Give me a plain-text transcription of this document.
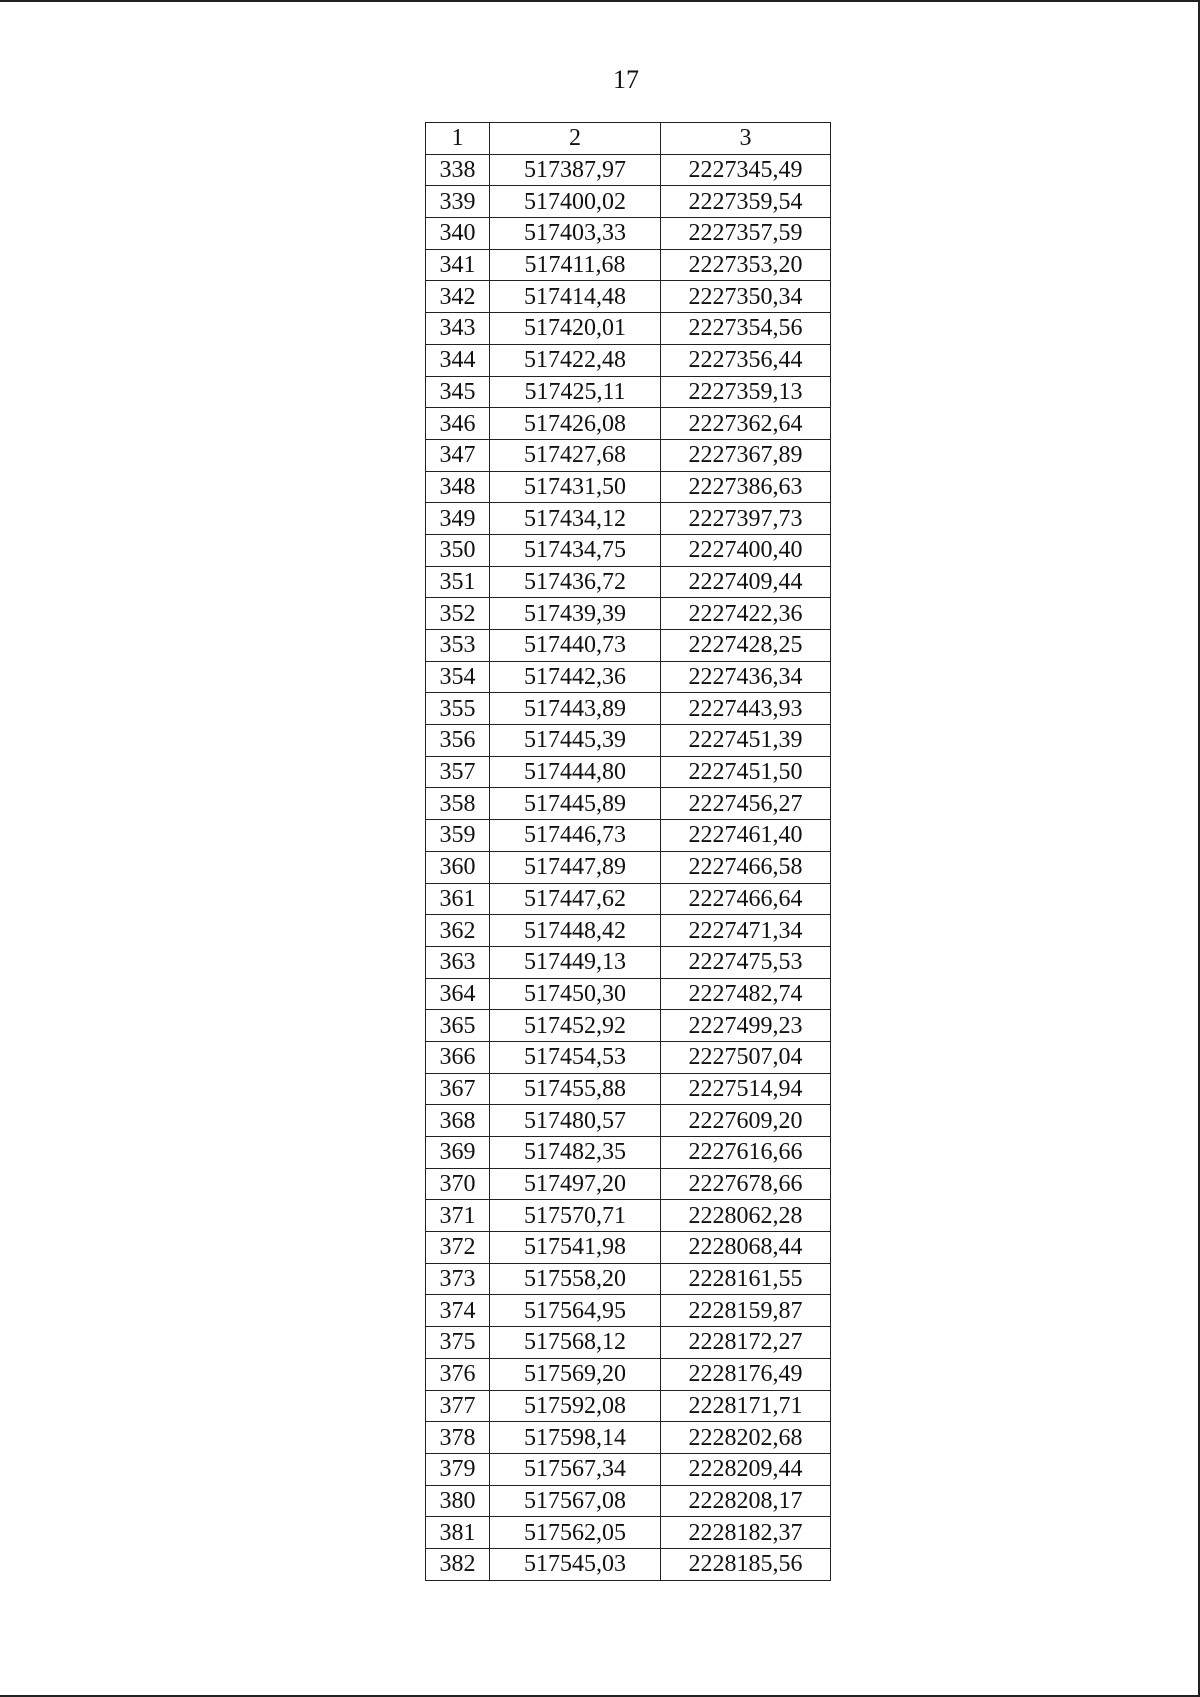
17
1	2	3
338	517387,97	2227345,49
339	517400,02	2227359,54
340	517403,33	2227357,59
341	517411,68	2227353,20
342	517414,48	2227350,34
343	517420,01	2227354,56
344	517422,48	2227356,44
345	517425,11	2227359,13
346	517426,08	2227362,64
347	517427,68	2227367,89
348	517431,50	2227386,63
349	517434,12	2227397,73
350	517434,75	2227400,40
351	517436,72	2227409,44
352	517439,39	2227422,36
353	517440,73	2227428,25
354	517442,36	2227436,34
355	517443,89	2227443,93
356	517445,39	2227451,39
357	517444,80	2227451,50
358	517445,89	2227456,27
359	517446,73	2227461,40
360	517447,89	2227466,58
361	517447,62	2227466,64
362	517448,42	2227471,34
363	517449,13	2227475,53
364	517450,30	2227482,74
365	517452,92	2227499,23
366	517454,53	2227507,04
367	517455,88	2227514,94
368	517480,57	2227609,20
369	517482,35	2227616,66
370	517497,20	2227678,66
371	517570,71	2228062,28
372	517541,98	2228068,44
373	517558,20	2228161,55
374	517564,95	2228159,87
375	517568,12	2228172,27
376	517569,20	2228176,49
377	517592,08	2228171,71
378	517598,14	2228202,68
379	517567,34	2228209,44
380	517567,08	2228208,17
381	517562,05	2228182,37
382	517545,03	2228185,56
